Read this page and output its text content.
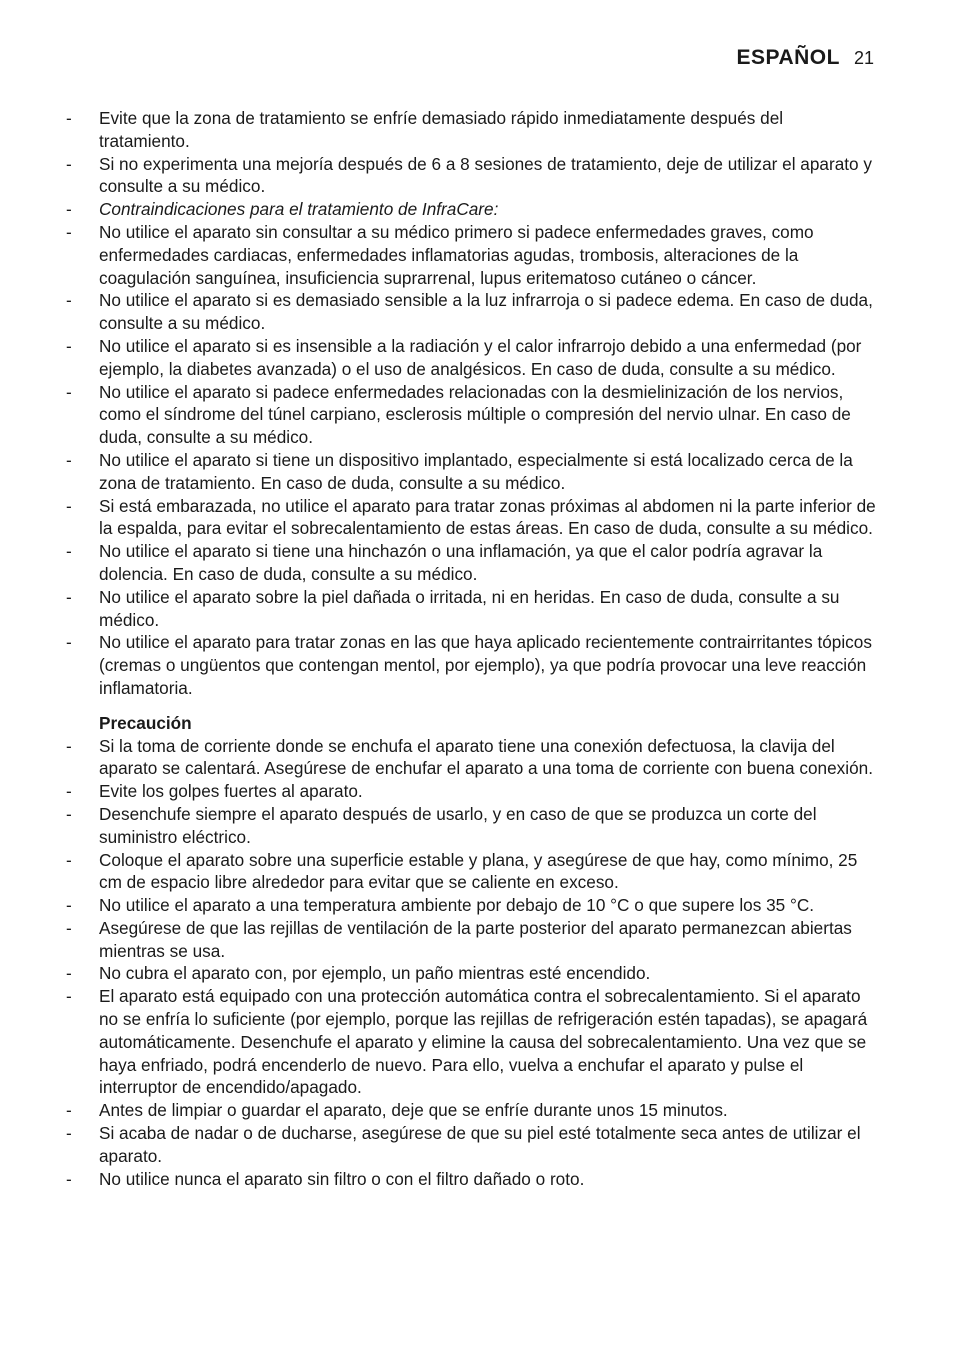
ESPAÑOL 21
- Evite que la zona de tratamiento se enfríe demasiado rápido inmediatamente después del tratamiento.
- Si no experimenta una mejoría después de 6 a 8 sesiones de tratamiento, deje de utilizar el aparato y consulte a su médico.
- Contraindicaciones para el tratamiento de InfraCare:
- No utilice el aparato sin consultar a su médico primero si padece enfermedades graves, como enfermedades cardiacas, enfermedades inflamatorias agudas, trombosis, alteraciones de la coagulación sanguínea, insuficiencia suprarrenal, lupus eritematoso cutáneo o cáncer.
- No utilice el aparato si es demasiado sensible a la luz infrarroja o si padece edema. En caso de duda, consulte a su médico.
- No utilice el aparato si es insensible a la radiación y el calor infrarrojo debido a una enfermedad (por ejemplo, la diabetes avanzada) o el uso de analgésicos. En caso de duda, consulte a su médico.
- No utilice el aparato si padece enfermedades relacionadas con la desmielinización de los nervios, como el síndrome del túnel carpiano, esclerosis múltiple o compresión del nervio ulnar. En caso de duda, consulte a su médico.
- No utilice el aparato si tiene un dispositivo implantado, especialmente si está localizado cerca de la zona de tratamiento. En caso de duda, consulte a su médico.
- Si está embarazada, no utilice el aparato para tratar zonas próximas al abdomen ni la parte inferior de la espalda, para evitar el sobrecalentamiento de estas áreas. En caso de duda, consulte a su médico.
- No utilice el aparato si tiene una hinchazón o una inflamación, ya que el calor podría agravar la dolencia. En caso de duda, consulte a su médico.
- No utilice el aparato sobre la piel dañada o irritada, ni en heridas. En caso de duda, consulte a su médico.
- No utilice el aparato para tratar zonas en las que haya aplicado recientemente contrairritantes tópicos (cremas o ungüentos que contengan mentol, por ejemplo), ya que podría provocar una leve reacción inflamatoria.
Precaución
- Si la toma de corriente donde se enchufa el aparato tiene una conexión defectuosa, la clavija del aparato se calentará. Asegúrese de enchufar el aparato a una toma de corriente con buena conexión.
- Evite los golpes fuertes al aparato.
- Desenchufe siempre el aparato después de usarlo, y en caso de que se produzca un corte del suministro eléctrico.
- Coloque el aparato sobre una superficie estable y plana, y asegúrese de que hay, como mínimo, 25 cm de espacio libre alrededor para evitar que se caliente en exceso.
- No utilice el aparato a una temperatura ambiente por debajo de 10 °C o que supere los 35 °C.
- Asegúrese de que las rejillas de ventilación de la parte posterior del aparato permanezcan abiertas mientras se usa.
- No cubra el aparato con, por ejemplo, un paño mientras esté encendido.
- El aparato está equipado con una protección automática contra el sobrecalentamiento. Si el aparato no se enfría lo suficiente (por ejemplo, porque las rejillas de refrigeración estén tapadas), se apagará automáticamente. Desenchufe el aparato y elimine la causa del sobrecalentamiento. Una vez que se haya enfriado, podrá encenderlo de nuevo. Para ello, vuelva a enchufar el aparato y pulse el interruptor de encendido/apagado.
- Antes de limpiar o guardar el aparato, deje que se enfríe durante unos 15 minutos.
- Si acaba de nadar o de ducharse, asegúrese de que su piel esté totalmente seca antes de utilizar el aparato.
- No utilice nunca el aparato sin filtro o con el filtro dañado o roto.
